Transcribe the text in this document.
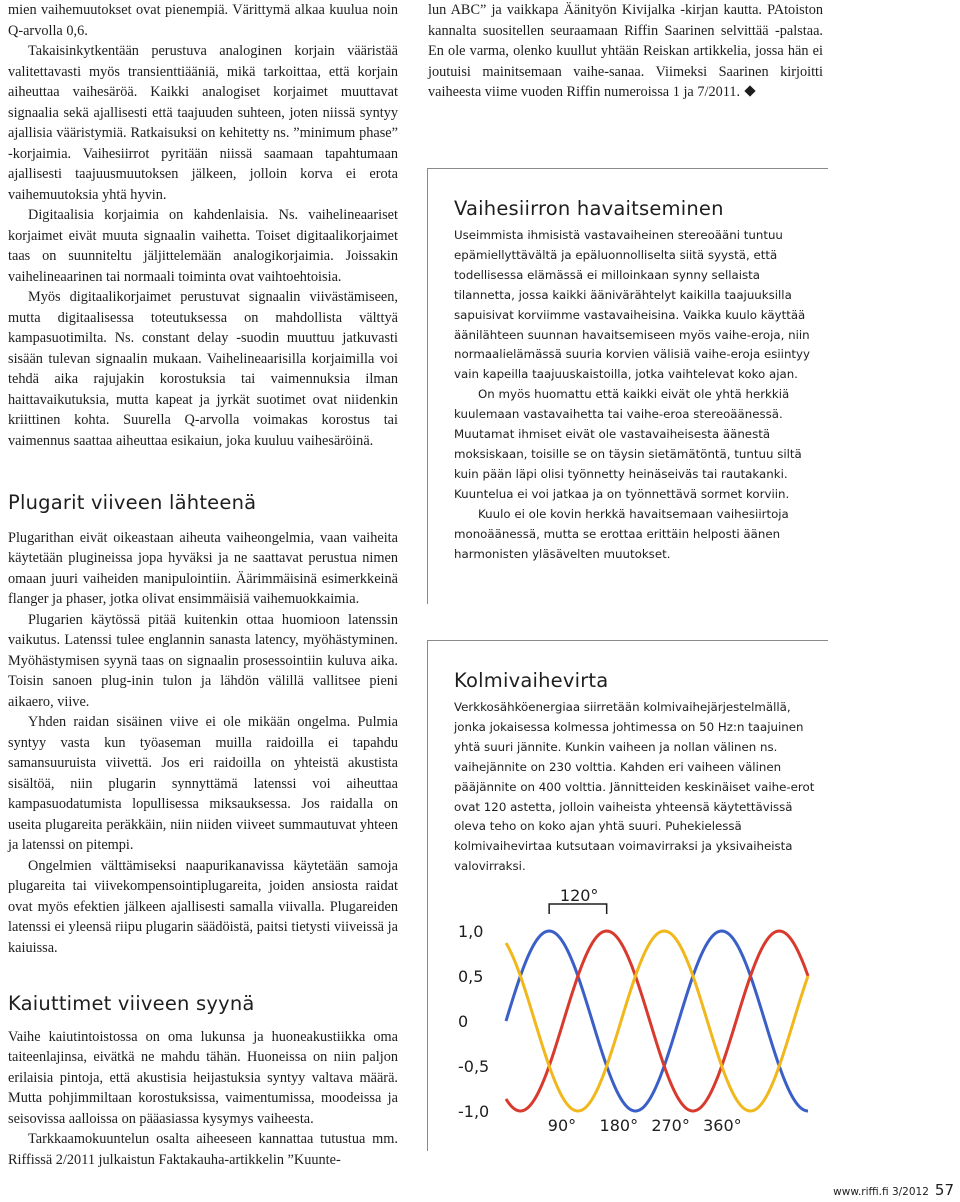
mien vaihemuutokset ovat pienempiä. Värittymä alkaa kuulua noin Q-arvolla 0,6.

Takaisinkytkentään perustuva analoginen korjain vääristää valitettavasti myös transienttiääniä, mikä tarkoittaa, että korjain aiheuttaa vaihesäröä. Kaikki analogiset korjaimet muuttavat signaalia sekä ajallisesti että taajuuden suhteen, joten niissä syntyy ajallisia vääristymiä. Ratkaisuksi on kehitetty ns. ”minimum phase” -korjaimia. Vaihesiirrot pyritään niissä saamaan tapahtumaan ajallisesti taajuusmuutoksen jälkeen, jolloin korva ei erota vaihemuutoksia yhtä hyvin.

Digitaalisia korjaimia on kahdenlaisia. Ns. vaihelineaariset korjaimet eivät muuta signaalin vaihetta. Toiset digitaalikorjaimet taas on suunniteltu jäljittelemään analogikorjaimia. Joissakin vaihelineaarinen tai normaali toiminta ovat vaihtoehtoisia.

Myös digitaalikorjaimet perustuvat signaalin viivästämiseen, mutta digitaalisessa toteutuksessa on mahdollista välttyä kampasuotimilta. Ns. constant delay -suodin muuttuu jatkuvasti sisään tulevan signaalin mukaan. Vaihelineaarisilla korjaimilla voi tehdä aika rajujakin korostuksia tai vaimennuksia ilman haittavaikutuksia, mutta kapeat ja jyrkät suotimet ovat niidenkin kriittinen kohta. Suurella Q-arvolla voimakas korostus tai vaimennus saattaa aiheuttaa esikaiun, joka kuuluu vaihesäröinä.

Plugarit viiveen lähteenä

Plugarithan eivät oikeastaan aiheuta vaiheongelmia, vaan vaiheita käytetään plugineissa jopa hyväksi ja ne saattavat perustua nimen omaan juuri vaiheiden manipulointiin. Äärimmäisinä esimerkkeinä flanger ja phaser, jotka olivat ensimmäisiä vaihemuokkaimia.

Plugarien käytössä pitää kuitenkin ottaa huomioon latenssin vaikutus. Latenssi tulee englannin sanasta latency, myöhästyminen. Myöhästymisen syynä taas on signaalin prosessointiin kuluva aika. Toisin sanoen plug-inin tulon ja lähdön välillä vallitsee pieni aikaero, viive.

Yhden raidan sisäinen viive ei ole mikään ongelma. Pulmia syntyy vasta kun työaseman muilla raidoilla ei tapahdu samansuuruista viivettä. Jos eri raidoilla on yhteistä akustista sisältöä, niin plugarin synnyttämä latenssi voi aiheuttaa kampasuodatumista lopullisessa miksauksessa. Jos raidalla on useita plugareita peräkkäin, niin niiden viiveet summautuvat yhteen ja latenssi on pitempi.

Ongelmien välttämiseksi naapurikanavissa käytetään samoja plugareita tai viivekompensointiplugareita, joiden ansiosta raidat ovat myös efektien jälkeen ajallisesti samalla viivalla. Plugareiden latenssi ei yleensä riipu plugarin säädöistä, paitsi tietysti viiveissä ja kaiuissa.

Kaiuttimet viiveen syynä

Vaihe kaiutintoistossa on oma lukunsa ja huoneakustiikka oma taiteenlajinsa, eivätkä ne mahdu tähän. Huoneissa on niin paljon erilaisia pintoja, että akustisia heijastuksia syntyy valtava määrä. Mutta pohjimmiltaan korostuksissa, vaimentumissa, moodeissa ja seisovissa aalloissa on pääasiassa kysymys vaiheesta.

Tarkkaamokuuntelun osalta aiheeseen kannattaa tutustua mm. Riffissä 2/2011 julkaistun Faktakauha-artikkelin ”Kuunte-

lun ABC” ja vaikkapa Äänityön Kivijalka -kirjan kautta. PAtoiston kannalta suositellen seuraamaan Riffin Saarinen selvittää -palstaa. En ole varma, olenko kuullut yhtään Reiskan artikkelia, jossa hän ei joutuisi mainitsemaan vaihe-sanaa. Viimeksi Saarinen kirjoitti vaiheesta viime vuoden Riffin numeroissa 1 ja 7/2011.

Vaihesiirron havaitseminen

Useimmista ihmisistä vastavaiheinen stereoääni tuntuu epämiellyttävältä ja epäluonnolliselta siitä syystä, että todellisessa elämässä ei milloinkaan synny sellaista tilannetta, jossa kaikki äänivärähtelyt kaikilla taajuuksilla sapuisivat korviimme vastavaiheisina. Vaikka kuulo käyttää äänilähteen suunnan havaitsemiseen myös vaihe-eroja, niin normaalielämässä suuria korvien välisiä vaihe-eroja esiintyy vain kapeilla taajuuskaistoilla, jotka vaihtelevat koko ajan.

On myös huomattu että kaikki eivät ole yhtä herkkiä kuulemaan vastavaihetta tai vaihe-eroa stereoäänessä. Muutamat ihmiset eivät ole vastavaiheisesta äänestä moksiskaan, toisille se on täysin sietämätöntä, tuntuu siltä kuin pään läpi olisi työnnetty heinäseiväs tai rautakanki. Kuuntelua ei voi jatkaa ja on työnnettävä sormet korviin.

Kuulo ei ole kovin herkkä havaitsemaan vaihesiirtoja monoäänessä, mutta se erottaa erittäin helposti äänen harmonisten yläsävelten muutokset.

Kolmivaihevirta

Verkkosähköenergiaa siirretään kolmivaihejärjestelmällä, jonka jokaisessa kolmessa johtimessa on 50 Hz:n taajuinen yhtä suuri jännite. Kunkin vaiheen ja nollan välinen ns. vaihejännite on 230 volttia. Kahden eri vaiheen välinen pääjännite on 400 volttia. Jännitteiden keskinäiset vaihe-erot ovat 120 astetta, jolloin vaiheista yhteensä käytettävissä oleva teho on koko ajan yhtä suuri. Puhekielessä kolmivaihevirtaa kutsutaan voimavirraksi ja yksivaiheista valovirraksi.

1,0
0,5
0
-0,5
-1,0
90° 180° 270° 360°
120°
www.riffi.fi 3/2012 57
